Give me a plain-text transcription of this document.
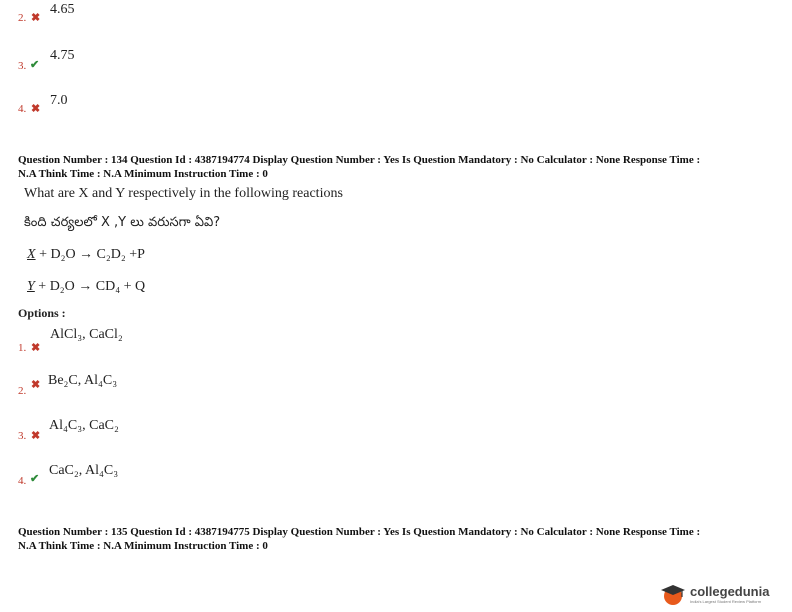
2. ✖
4.65
3. ✔
4.75
4. ✖
7.0
Question Number : 134 Question Id : 4387194774 Display Question Number : Yes Is Question Mandatory : No Calculator : None Response Time :
N.A Think Time : N.A Minimum Instruction Time : 0
What are X and Y respectively in the following reactions
కింది చర్యలలో X ,Y లు వరుసగా ఏవి?
X + D₂O → C₂D₂ +P
Y + D₂O → CD₄ + Q
Options :
1. ✖
AlCl₃, CaCl₂
2. ✖ Be₂C, Al₄C₃
3. ✖
Al₄C₃, CaC₂
4. ✔
CaC₂, Al₄C₃
Question Number : 135 Question Id : 4387194775 Display Question Number : Yes Is Question Mandatory : No Calculator : None Response Time :
N.A Think Time : N.A Minimum Instruction Time : 0
collegedunia
India's Largest Student Review Platform
